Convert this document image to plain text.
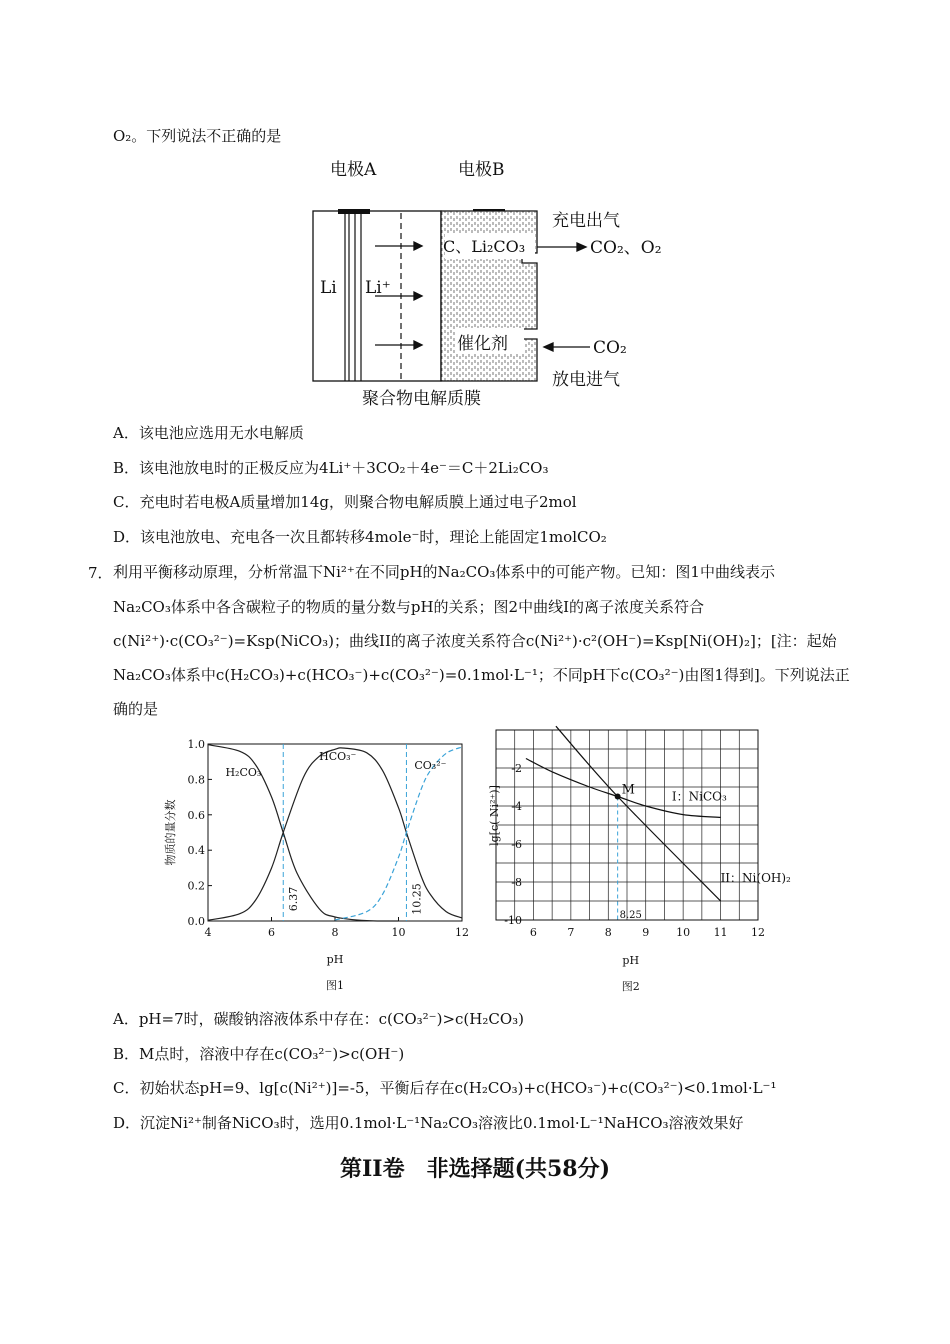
O₂。下列说法不正确的是
电极A	电极B
Li Li⁺
C、Li₂CO₃
催化剂
充电出气
CO₂、O₂
CO₂
放电进气
聚合物电解质膜
A．该电池应选用无水电解质
B．该电池放电时的正极反应为4Li⁺＋3CO₂＋4e⁻＝C＋2Li₂CO₃
C．充电时若电极A质量增加14g，则聚合物电解质膜上通过电子2mol
D．该电池放电、充电各一次且都转移4mole⁻时，理论上能固定1molCO₂
7． 利用平衡移动原理，分析常温下Ni²⁺在不同pH的Na₂CO₃体系中的可能产物。已知：图1中曲线表示
Na₂CO₃体系中各含碳粒子的物质的量分数与pH的关系；图2中曲线I的离子浓度关系符合
c(Ni²⁺)·c(CO₃²⁻)=Ksp(NiCO₃)；曲线II的离子浓度关系符合c(Ni²⁺)·c²(OH⁻)=Ksp[Ni(OH)₂]；[注：起始
Na₂CO₃体系中c(H₂CO₃)+c(HCO₃⁻)+c(CO₃²⁻)=0.1mol·L⁻¹；不同pH下c(CO₃²⁻)由图1得到]。下列说法正
确的是
4	6	8	10	12
0.0
0.2
0.4
0.6
0.8
1.0
pH
物质的量分数
图1
6.37	10.25
H₂CO₃
HCO₃⁻
CO₃²⁻
6	7	8	9 10 11 12
-2
-4
-6
-8
-10
pH
lg[c( Ni²⁺)]
图2
8.25
M	I：NiCO₃
II：Ni(OH)₂
A．pH=7时，碳酸钠溶液体系中存在：c(CO₃²⁻)>c(H₂CO₃)
B．M点时，溶液中存在c(CO₃²⁻)>c(OH⁻)
C．初始状态pH=9、lg[c(Ni²⁺)]=-5，平衡后存在c(H₂CO₃)+c(HCO₃⁻)+c(CO₃²⁻)<0.1mol·L⁻¹
D．沉淀Ni²⁺制备NiCO₃时，选用0.1mol·L⁻¹Na₂CO₃溶液比0.1mol·L⁻¹NaHCO₃溶液效果好
第II卷　非选择题(共58分)
